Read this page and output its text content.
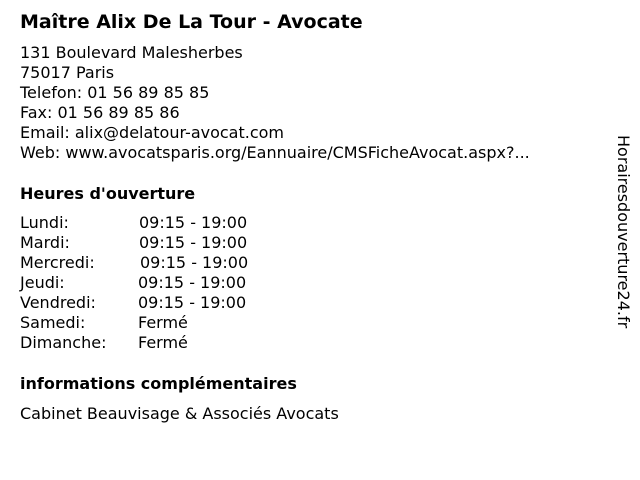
Maître Alix De La Tour - Avocate
131 Boulevard Malesherbes
75017 Paris
Telefon: 01 56 89 85 85
Fax: 01 56 89 85 86
Email: alix@delatour-avocat.com
Web: www.avocatsparis.org/Eannuaire/CMSFicheAvocat.aspx?...
Heures d'ouverture
Lundi:	09:15 - 19:00
Mardi:	09:15 - 19:00
Mercredi:	09:15 - 19:00
Jeudi:	09:15 - 19:00
Vendredi:	09:15 - 19:00
Samedi:	Fermé
Dimanche: Fermé
informations complémentaires
Cabinet Beauvisage & Associés Avocats
Horairesdouverture24.fr
